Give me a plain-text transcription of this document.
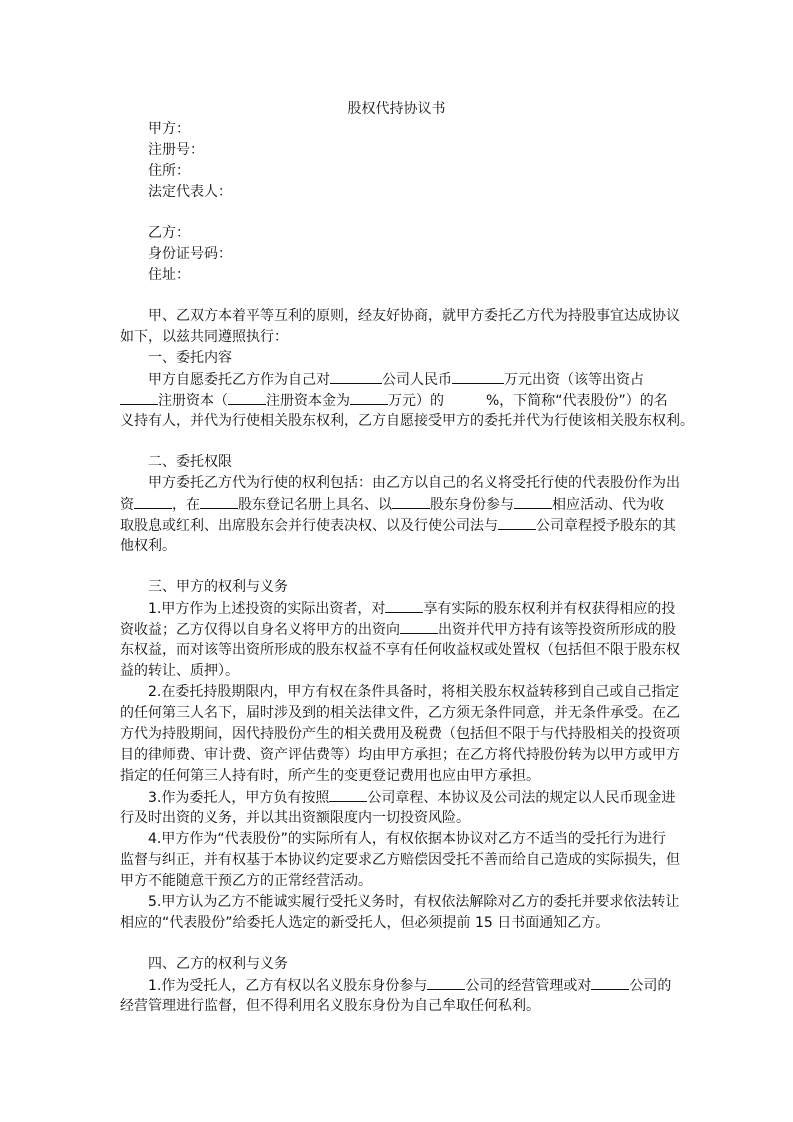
股权代持协议书
甲方：
注册号：
住所：
法定代表人：
乙方：
身份证号码：
住址：
甲、乙双方本着平等互利的原则，经友好协商，就甲方委托乙方代为持股事宜达成协议
如下，以兹共同遵照执行：
一、委托内容
甲方自愿委托乙方作为自己对	公司人民币	万元出资（该等出资占
注册资本（	注册资本金为	万元）的	%，下简称“代表股份”）的名
义持有人，并代为行使相关股东权利，乙方自愿接受甲方的委托并代为行使该相关股东权利。
二、委托权限
甲方委托乙方代为行使的权利包括：由乙方以自己的名义将受托行使的代表股份作为出
资	，在	股东登记名册上具名、以	股东身份参与	相应活动、代为收
取股息或红利、出席股东会并行使表决权、以及行使公司法与	公司章程授予股东的其
他权利。
三、甲方的权利与义务
1.甲方作为上述投资的实际出资者，对	享有实际的股东权利并有权获得相应的投
资收益；乙方仅得以自身名义将甲方的出资向	出资并代甲方持有该等投资所形成的股
东权益，而对该等出资所形成的股东权益不享有任何收益权或处置权（包括但不限于股东权
益的转让、质押）。
2.在委托持股期限内，甲方有权在条件具备时，将相关股东权益转移到自己或自己指定
的任何第三人名下，届时涉及到的相关法律文件，乙方须无条件同意，并无条件承受。在乙
方代为持股期间，因代持股份产生的相关费用及税费（包括但不限于与代持股相关的投资项
目的律师费、审计费、资产评估费等）均由甲方承担；在乙方将代持股份转为以甲方或甲方
指定的任何第三人持有时，所产生的变更登记费用也应由甲方承担。
3.作为委托人，甲方负有按照	公司章程、本协议及公司法的规定以人民币现金进
行及时出资的义务，并以其出资额限度内一切投资风险。
4.甲方作为“代表股份”的实际所有人，有权依据本协议对乙方不适当的受托行为进行
监督与纠正，并有权基于本协议约定要求乙方赔偿因受托不善而给自己造成的实际损失，但
甲方不能随意干预乙方的正常经营活动。
5.甲方认为乙方不能诚实履行受托义务时，有权依法解除对乙方的委托并要求依法转让
相应的“代表股份”给委托人选定的新受托人，但必须提前 15 日书面通知乙方。
四、乙方的权利与义务
1.作为受托人，乙方有权以名义股东身份参与	公司的经营管理或对	公司的
经营管理进行监督，但不得利用名义股东身份为自己牟取任何私利。
